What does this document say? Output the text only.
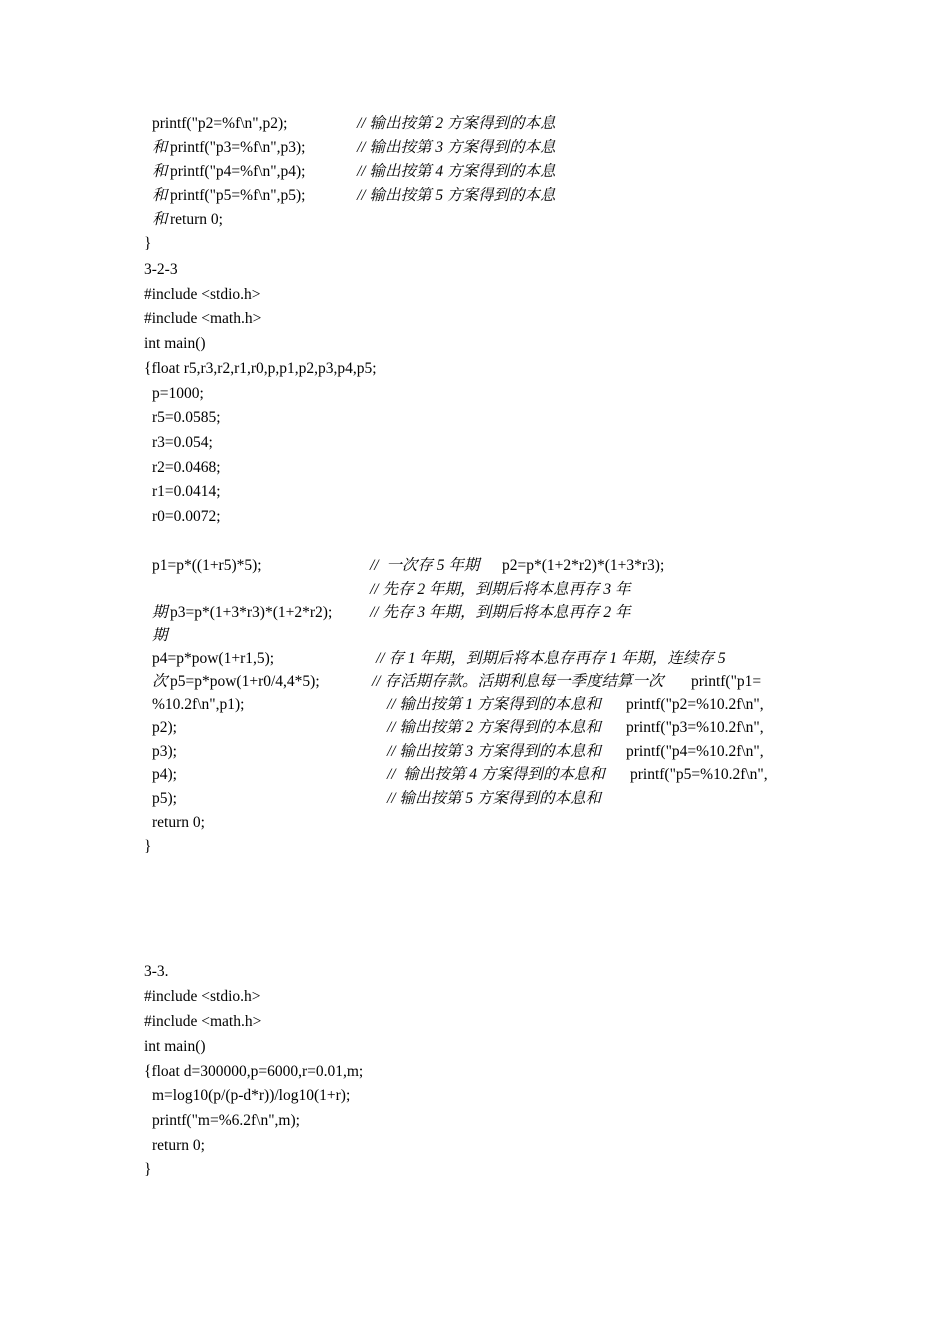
printf("p2=%f\n",p2);	// 输出按第 2 方案得到的本息
和 printf("p3=%f\n",p3);	// 输出按第 3 方案得到的本息
和 printf("p4=%f\n",p4);	// 输出按第 4 方案得到的本息
和 printf("p5=%f\n",p5);	// 输出按第 5 方案得到的本息
和 return 0;
}
3-2-3
#include <stdio.h>
#include <math.h>
int main()
{float r5,r3,r2,r1,r0,p,p1,p2,p3,p4,p5;
p=1000;
r5=0.0585;
r3=0.054;
r2=0.0468;
r1=0.0414;
r0=0.0072;
p1=p*((1+r5)*5);	//  一次存 5 年期 p2=p*(1+2*r2)*(1+3*r3);
// 先存 2 年期，到期后将本息再存 3 年
期 p3=p*(1+3*r3)*(1+2*r2); // 先存 3 年期，到期后将本息再存 2 年
期
p4=p*pow(1+r1,5);	// 存 1 年期，到期后将本息存再存 1 年期，连续存 5
次 p5=p*pow(1+r0/4,4*5);	// 存活期存款。活期利息每一季度结算一次 printf("p1=
%10.2f\n",p1);	// 输出按第 1 方案得到的本息和 printf("p2=%10.2f\n",
p2);	// 输出按第 2 方案得到的本息和 printf("p3=%10.2f\n",
p3);	// 输出按第 3 方案得到的本息和 printf("p4=%10.2f\n",
p4);	//  输出按第 4 方案得到的本息和 printf("p5=%10.2f\n",
p5);	// 输出按第 5 方案得到的本息和
return 0;
}
3-3.
#include <stdio.h>
#include <math.h>
int main()
{float d=300000,p=6000,r=0.01,m;
m=log10(p/(p-d*r))/log10(1+r);
printf("m=%6.2f\n",m);
return 0;
}
